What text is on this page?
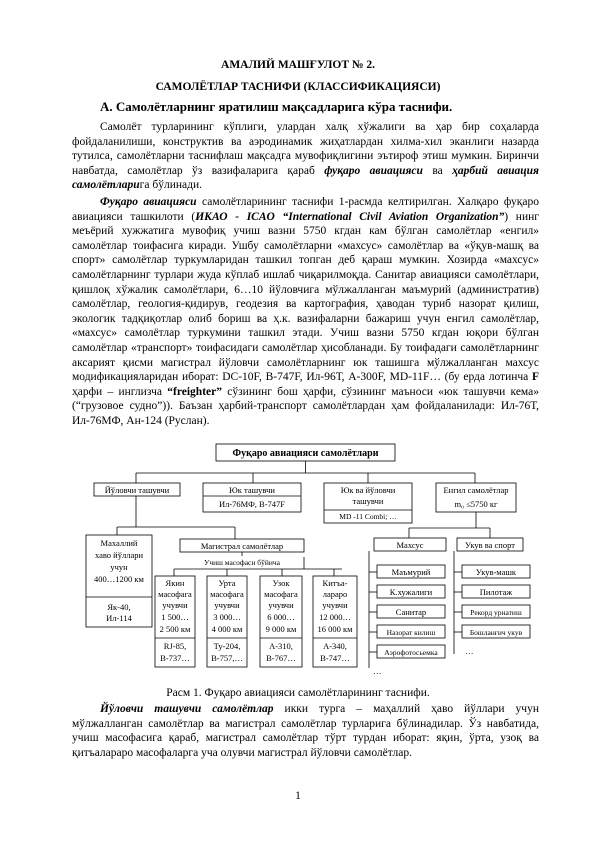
АМАЛИЙ МАШҒУЛОТ № 2.
САМОЛЁТЛАР ТАСНИФИ (КЛАССИФИКАЦИЯСИ)
А. Самолётларнинг яратилиш мақсадларига кўра таснифи.

Самолёт турларининг кўплиги, улардан халқ хўжалиги ва ҳар бир соҳаларда фойдаланилиши, конструктив ва аэродинамик жиҳатлардан хилма-хил эканлиги назарда тутилса, самолётларни таснифлаш мақсадга мувофиқлигини эътироф этиш мумкин. Биринчи навбатда, самолётлар ўз вазифаларига қараб фуқаро авиацияси ва ҳарбий авиация самолётларига бўлинади.

Фуқаро авиацияси самолётларининг таснифи 1-расмда келтирилган. Халқаро фуқаро авиацияси ташкилоти (ИКАО - ICAO “International Civil Aviation Organization”) нинг меъёрий хужжатига мувофиқ учиш вазни 5750 кгдан кам бўлган самолётлар «енгил» самолётлар тоифасига киради. Ушбу самолётларни «махсус» самолётлар ва «ўқув-машқ ва спорт» самолётлар туркумларидан ташкил топган деб қараш мумкин. Хозирда «махсус» самолётларнинг турлари жуда кўплаб ишлаб чиқарилмоқда. Санитар авиацияси самолётлари, қишлоқ хўжалик самолётлари, 6…10 йўловчига мўлжалланган маъмурий (административ) самолётлар, геология-қидирув, геодезия ва картография, ҳаводан туриб назорат қилиш, экологик тадқиқотлар олиб бориш ва ҳ.к. вазифаларни бажариш учун енгил самолётлар, «махсус» самолётлар туркумини ташкил этади. Учиш вазни 5750 кгдан юқори бўлган самолётлар «транспорт» тоифасидаги самолётлар ҳисобланади. Бу тоифадаги самолётларнинг аксарият қисми магистрал йўловчи самолётларнинг юк ташишга мўлжалланган махсус модификацияларидан иборат: DC-10F, B-747F, Ил-96Т, А-300F, MD-11F… (бу ерда лотинча F ҳарфи – инглизча “freighter” сўзининг бош ҳарфи, сўзининг маъноси «юк ташувчи кема» (“грузовое судно”)). Баъзан ҳарбий-транспорт самолётлардан ҳам фойдаланилади: Ил-76Т, Ил-76МФ, Ан-124 (Руслан).

Фуқаро авиацияси самолётлари
Йўловчи ташувчи	Юк ташувчи
Ил-76МФ, B-747F
Юк ва йўловчи
ташувчи
MD -11 Combi; …
Енгил самолётлар
m₀ ≤5750 кг
Махаллий
хаво йўллари
учун
400…1200 км
Як-40,
Ил-114
Магистрал самолётлар
Учиш масофаси бўйича
Якин
масофага
учувчи
1 500…
2 500 км
RJ-85,
B-737…
Урта
масофага
учувчи
3 000…
4 000 км
Ту-204,
B-757,…
Узок
масофага
учувчи
6 000…
9 000 км
A-310,
B-767…
Китъа-
лараро
учувчи
12 000…
16 000 км
A-340,
B-747…
Махсус	Укув ва спорт
Маъмурий
К.хужалиги
Санитар
Назорат килиш
Аэрофотосьемка
…
Укув-машк
Пилотаж
Рекорд урнатиш
Бошланғич укув
…
Расм 1. Фуқаро авиацияси самолётларининг таснифи.

Йўловчи ташувчи самолётлар икки турга – маҳаллий ҳаво йўллари учун мўлжалланган самолётлар ва магистрал самолётлар турларига бўлинадилар. Ўз навбатида, учиш масофасига қараб, магистрал самолётлар тўрт турдан иборат: яқин, ўрта, узоқ ва қитъалараро масофаларга уча олувчи магистрал йўловчи самолётлар.

1
